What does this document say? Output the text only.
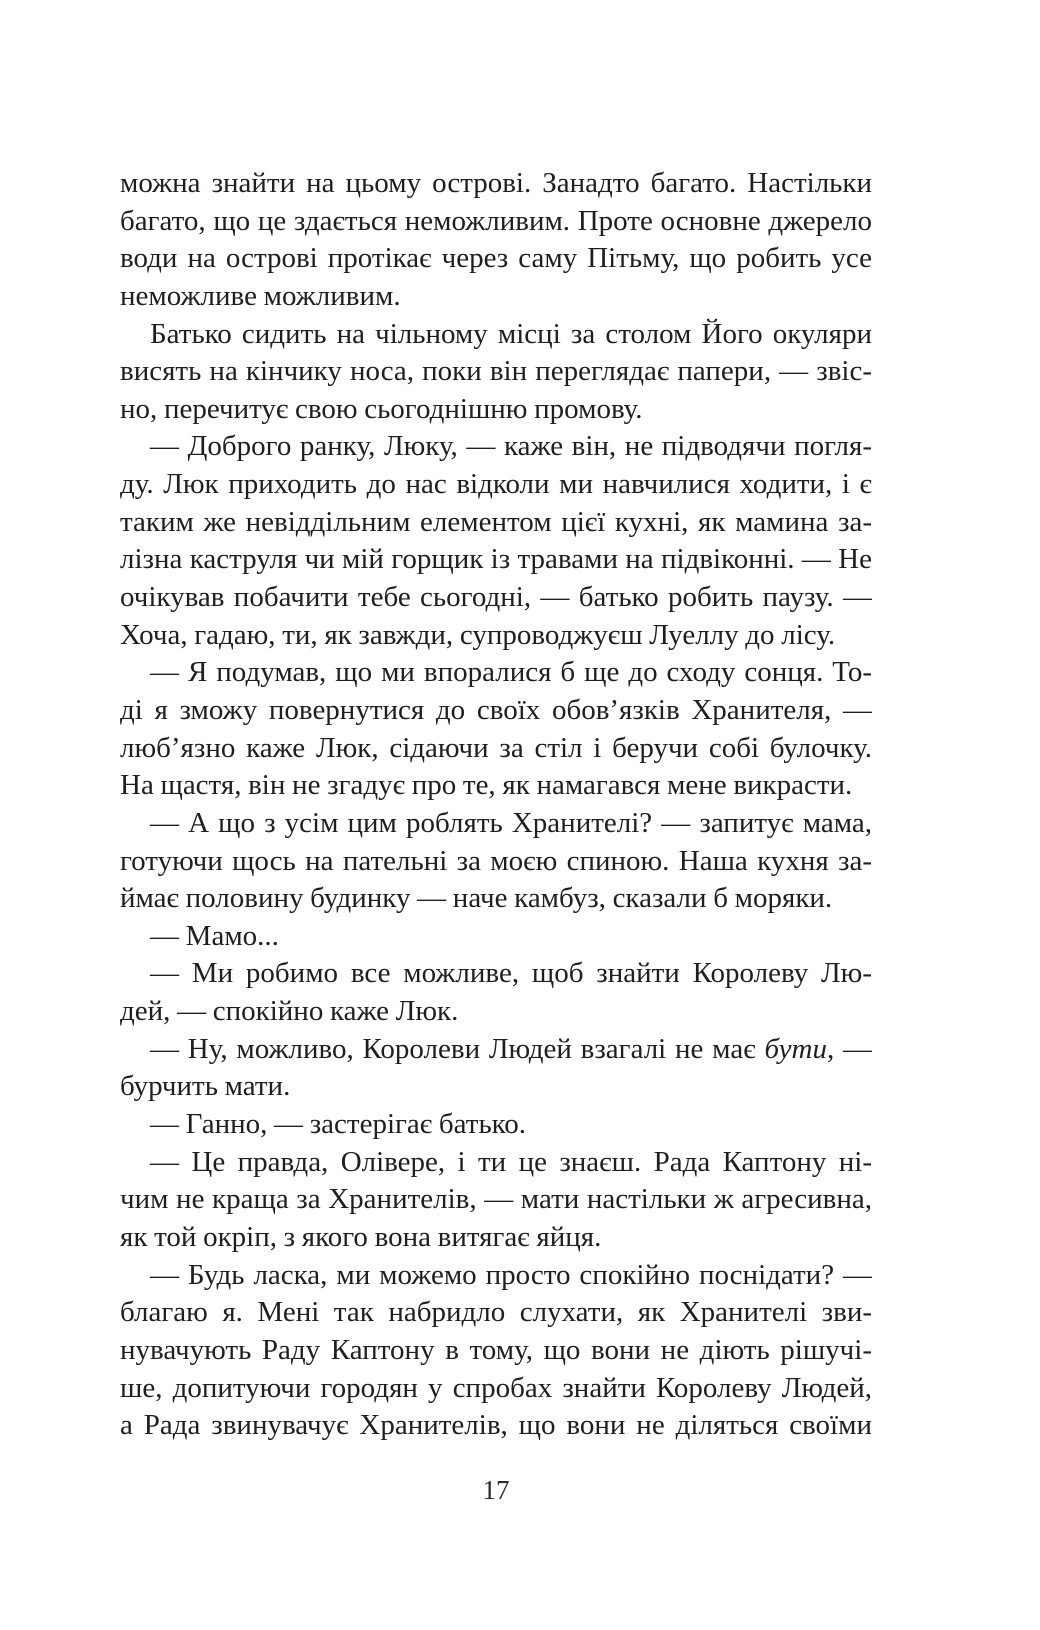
можна знайти на цьому острові. Занадто багато. Настільки
багато, що це здається неможливим. Проте основне джерело
води на острові протікає через саму Пітьму, що робить усе
неможливе можливим.
Батько сидить на чільному місці за столом Його окуляри
висять на кінчику носа, поки він переглядає папери, — звіс-
но, перечитує свою сьогоднішню промову.
— Доброго ранку, Люку, — каже він, не підводячи погля-
ду. Люк приходить до нас відколи ми навчилися ходити, і є
таким же невіддільним елементом цієї кухні, як мамина за-
лізна каструля чи мій горщик із травами на підвіконні. — Не
очікував побачити тебе сьогодні, — батько робить паузу. —
Хоча, гадаю, ти, як завжди, супроводжуєш Луеллу до лісу.
— Я подумав, що ми впоралися б ще до сходу сонця. То-
ді я зможу повернутися до своїх обов’язків Хранителя, —
люб’язно каже Люк, сідаючи за стіл і беручи собі булочку.
На щастя, він не згадує про те, як намагався мене викрасти.
— А що з усім цим роблять Хранителі? — запитує мама,
готуючи щось на пательні за моєю спиною. Наша кухня за-
ймає половину будинку — наче камбуз, сказали б моряки.
— Мамо...
— Ми робимо все можливе, щоб знайти Королеву Лю-
дей, — спокійно каже Люк.
— Ну, можливо, Королеви Людей взагалі не має бути, —
бурчить мати.
— Ганно, — застерігає батько.
— Це правда, Олівере, і ти це знаєш. Рада Каптону ні-
чим не краща за Хранителів, — мати настільки ж агресивна,
як той окріп, з якого вона витягає яйця.
— Будь ласка, ми можемо просто спокійно поснідати? —
благаю я. Мені так набридло слухати, як Хранителі зви-
нувачують Раду Каптону в тому, що вони не діють рішучі-
ше, допитуючи городян у спробах знайти Королеву Людей,
а Рада звинувачує Хранителів, що вони не діляться своїми
17
